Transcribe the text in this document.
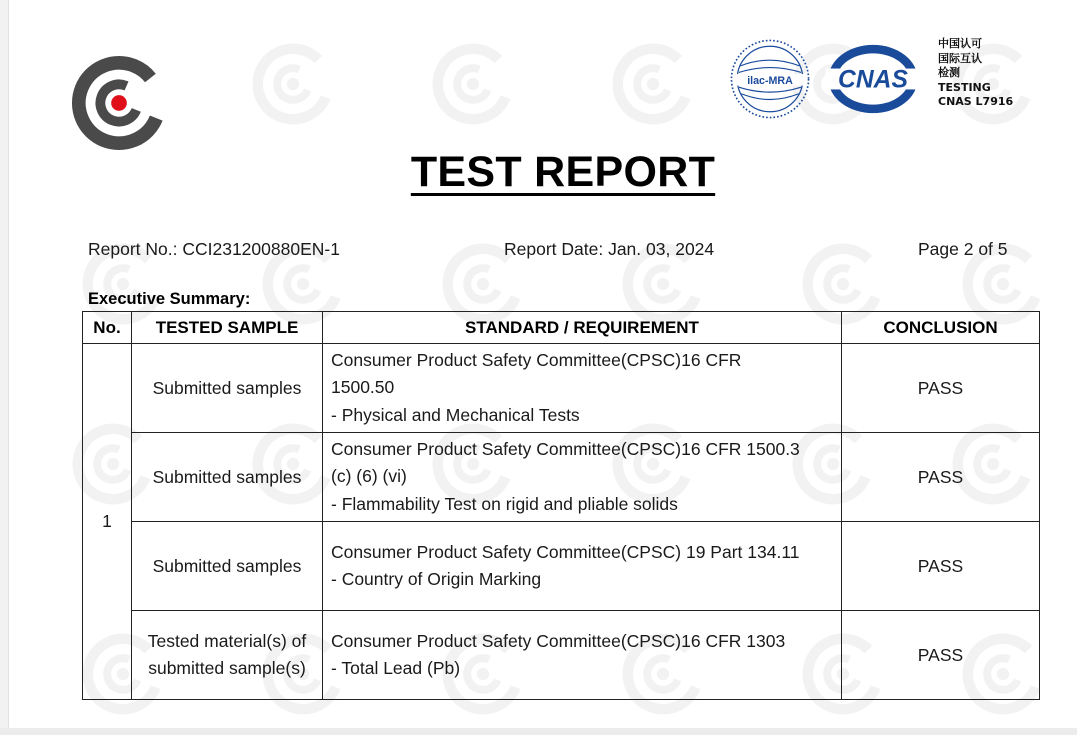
ilac-MRA CNAS
中国认可
国际互认
检测
TESTING
CNAS L7916
TEST REPORT
Report No.: CCI231200880EN-1	Report Date: Jan. 03, 2024	Page 2 of 5
Executive Summary:
No.	TESTED SAMPLE	STANDARD / REQUIREMENT	CONCLUSION
1	Submitted samples	Consumer Product Safety Committee(CPSC)16 CFR
1500.50
- Physical and Mechanical Tests	PASS

	Submitted samples	Consumer Product Safety Committee(CPSC)16 CFR 1500.3
(c) (6) (vi)
- Flammability Test on rigid and pliable solids	PASS

	Submitted samples	Consumer Product Safety Committee(CPSC) 19 Part 134.11
- Country of Origin Marking	PASS

	Tested material(s) of
submitted sample(s)	Consumer Product Safety Committee(CPSC)16 CFR 1303
- Total Lead (Pb)	PASS
